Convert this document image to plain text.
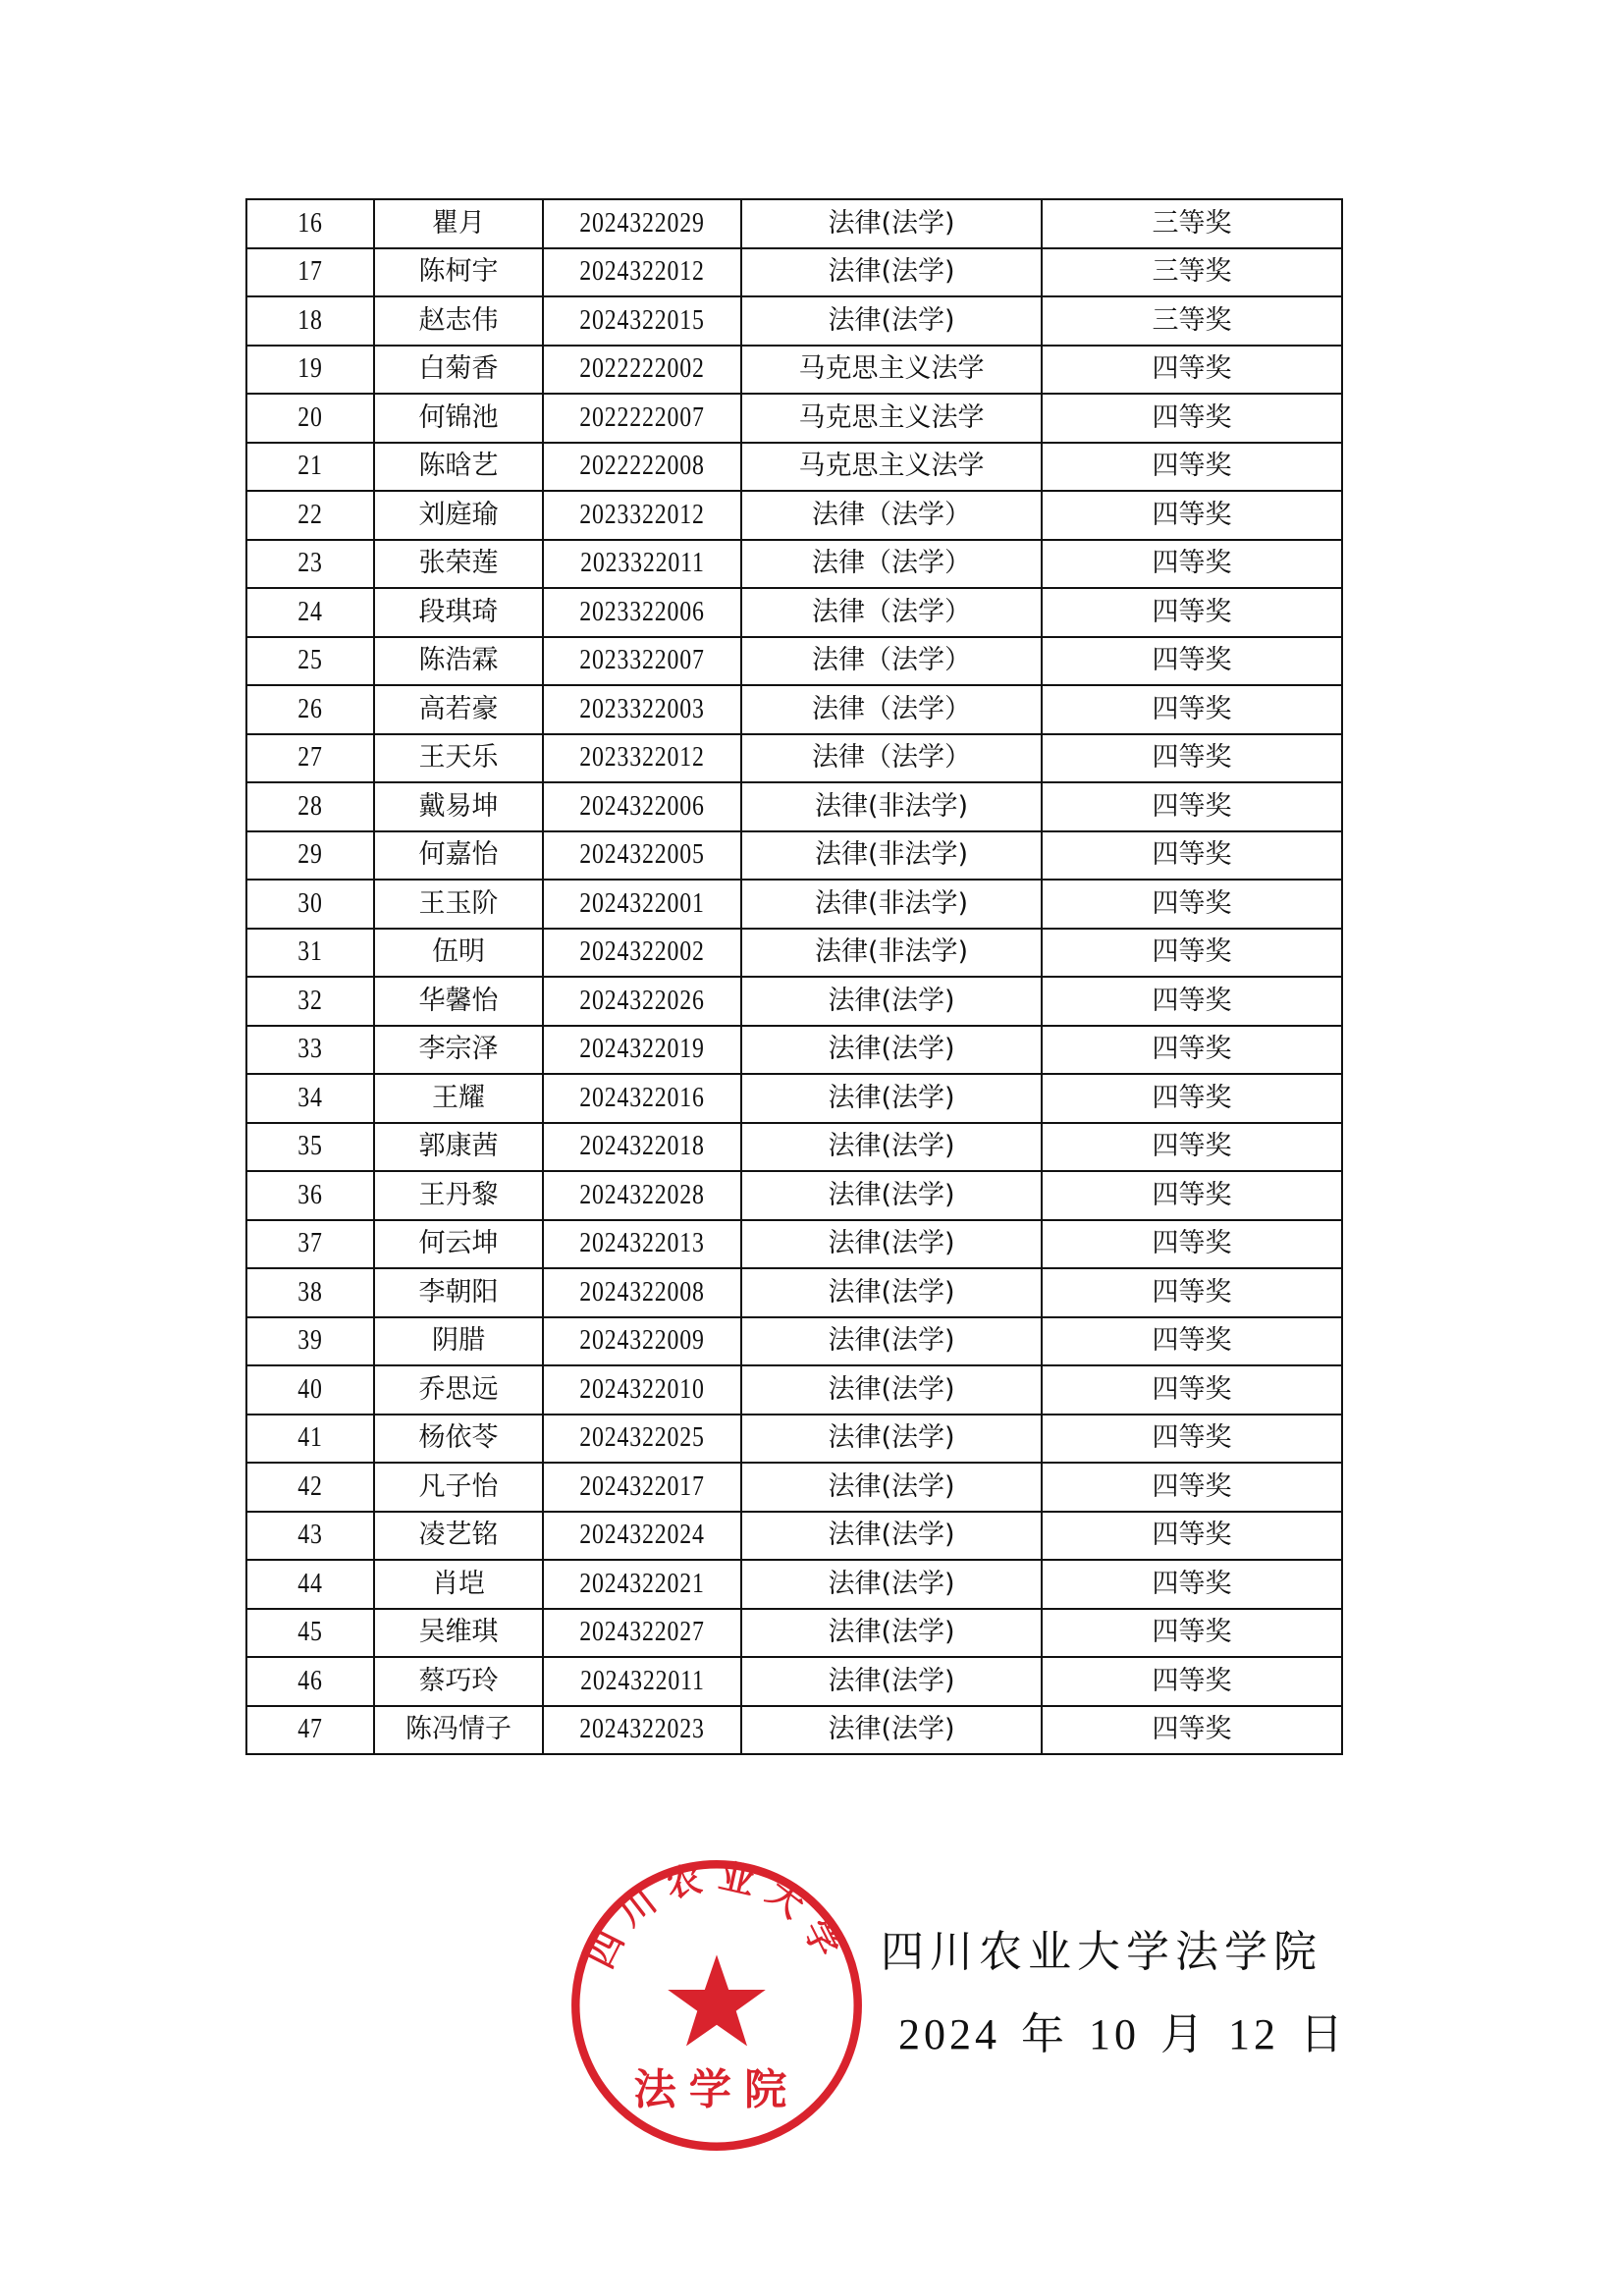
16	瞿月	2024322029	法律(法学)	三等奖
17	陈柯宇	2024322012	法律(法学)	三等奖
18	赵志伟	2024322015	法律(法学)	三等奖
19	白菊香	2022222002	马克思主义法学	四等奖
20	何锦池	2022222007	马克思主义法学	四等奖
21	陈晗艺	2022222008	马克思主义法学	四等奖
22	刘庭瑜	2023322012	法律（法学）	四等奖
23	张荣莲	2023322011	法律（法学）	四等奖
24	段琪琦	2023322006	法律（法学）	四等奖
25	陈浩霖	2023322007	法律（法学）	四等奖
26	高若豪	2023322003	法律（法学）	四等奖
27	王天乐	2023322012	法律（法学）	四等奖
28	戴易坤	2024322006	法律(非法学)	四等奖
29	何嘉怡	2024322005	法律(非法学)	四等奖
30	王玉阶	2024322001	法律(非法学)	四等奖
31	伍明	2024322002	法律(非法学)	四等奖
32	华馨怡	2024322026	法律(法学)	四等奖
33	李宗泽	2024322019	法律(法学)	四等奖
34	王耀	2024322016	法律(法学)	四等奖
35	郭康茜	2024322018	法律(法学)	四等奖
36	王丹黎	2024322028	法律(法学)	四等奖
37	何云坤	2024322013	法律(法学)	四等奖
38	李朝阳	2024322008	法律(法学)	四等奖
39	阴腊	2024322009	法律(法学)	四等奖
40	乔思远	2024322010	法律(法学)	四等奖
41	杨依苓	2024322025	法律(法学)	四等奖
42	凡子怡	2024322017	法律(法学)	四等奖
43	凌艺铭	2024322024	法律(法学)	四等奖
44	肖垲	2024322021	法律(法学)	四等奖
45	吴维琪	2024322027	法律(法学)	四等奖
46	蔡巧玲	2024322011	法律(法学)	四等奖
47	陈冯情子	2024322023	法律(法学)	四等奖
四川农业大学法学院
2024 年 10 月 12 日
四川农业大学
法学院
